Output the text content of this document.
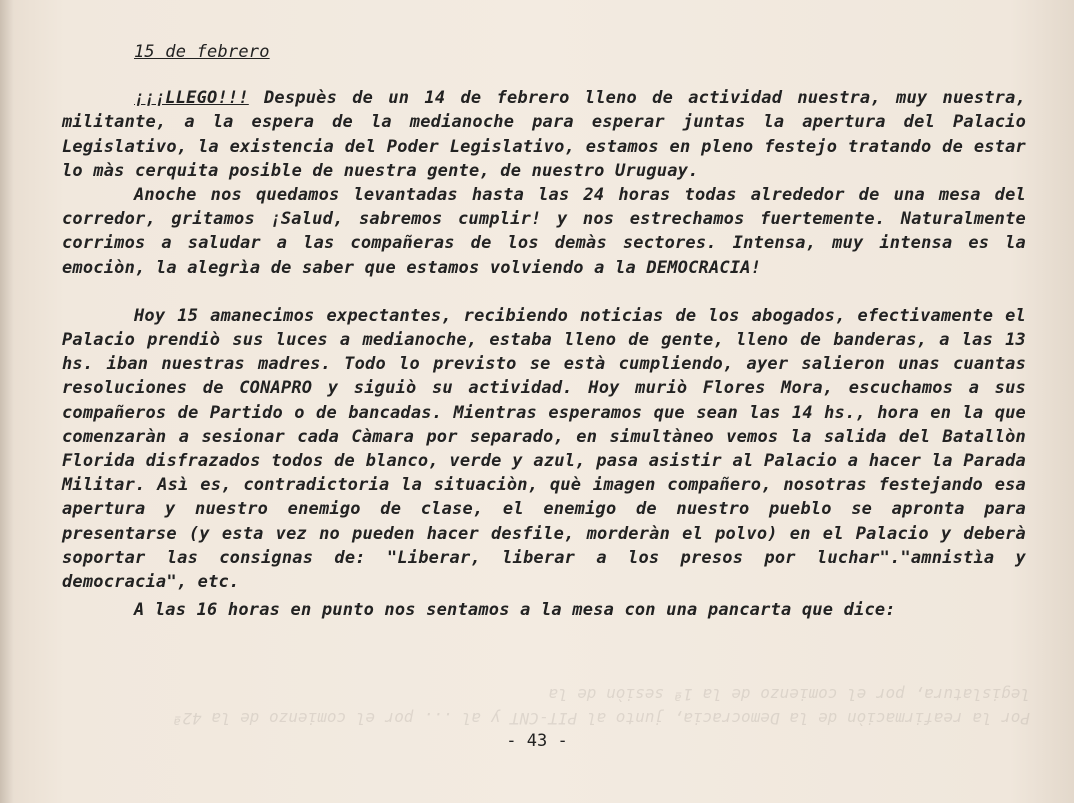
Por la reafirmaciòn de la Democracia, junto al PIT-CNT y al ... por el comienzo de la 42ª legislatura, por el comienzo de la 1ª sesiòn de la
15 de febrero

¡¡¡LLEGO!!! Despuès de un 14 de febrero lleno de actividad nuestra, muy nuestra, militante, a la espera de la medianoche para esperar juntas la apertura del Palacio Legislativo, la existencia del Poder Legislativo, estamos en pleno festejo tratando de estar lo màs cerquita posible de nuestra gente, de nuestro Uruguay.

Anoche nos quedamos levantadas hasta las 24 horas todas alrededor de una mesa del corredor, gritamos ¡Salud, sabremos cumplir! y nos estrechamos fuertemente. Naturalmente corrimos a saludar a las compañeras de los demàs sectores. Intensa, muy intensa es la emociòn, la alegrìa de saber que estamos volviendo a la DEMOCRACIA!

Hoy 15 amanecimos expectantes, recibiendo noticias de los abogados, efectivamente el Palacio prendiò sus luces a medianoche, estaba lleno de gente, lleno de banderas, a las 13 hs. iban nuestras madres. Todo lo previsto se està cumpliendo, ayer salieron unas cuantas resoluciones de CONAPRO y siguiò su actividad. Hoy muriò Flores Mora, escuchamos a sus compañeros de Partido o de bancadas. Mientras esperamos que sean las 14 hs., hora en la que comenzaràn a sesionar cada Càmara por separado, en simultàneo vemos la salida del Batallòn Florida disfrazados todos de blanco, verde y azul, pasa asistir al Palacio a hacer la Parada Militar. Asì es, contradictoria la situaciòn, què imagen compañero, nosotras festejando esa apertura y nuestro enemigo de clase, el enemigo de nuestro pueblo se apronta para presentarse (y esta vez no pueden hacer desfile, morderàn el polvo) en el Palacio y deberà soportar las consignas de: "Liberar, liberar a los presos por luchar"."amnistìa y democracia", etc.

A las 16 horas en punto nos sentamos a la mesa con una pancarta que dice:

- 43 -
